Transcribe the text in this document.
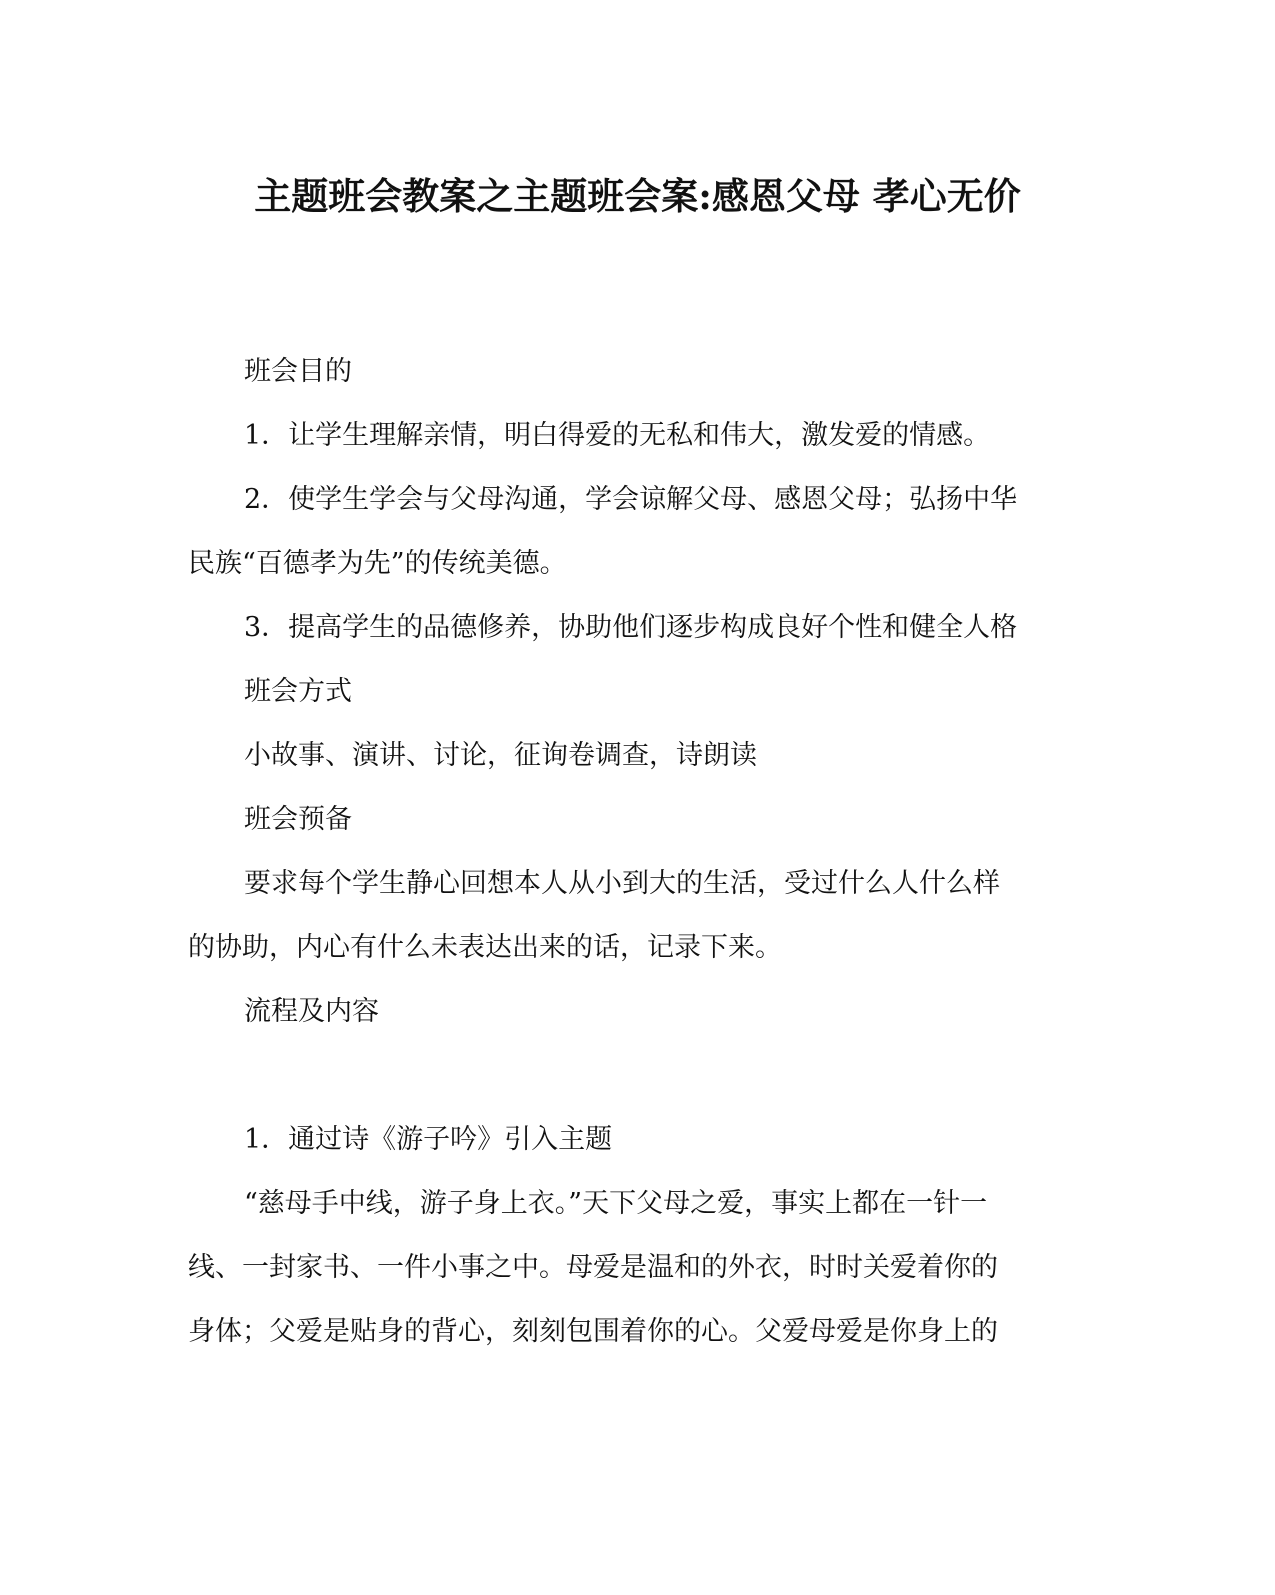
主题班会教案之主题班会案:感恩父母 孝心无价
班会目的
1．让学生理解亲情，明白得爱的无私和伟大，激发爱的情感。
2．使学生学会与父母沟通，学会谅解父母、感恩父母；弘扬中华
民族“百德孝为先”的传统美德。
3．提高学生的品德修养，协助他们逐步构成良好个性和健全人格
班会方式
小故事、演讲、讨论，征询卷调查，诗朗读
班会预备
要求每个学生静心回想本人从小到大的生活，受过什么人什么样
的协助，内心有什么未表达出来的话，记录下来。
流程及内容
1．通过诗《游子吟》引入主题
“慈母手中线，游子身上衣。”天下父母之爱，事实上都在一针一
线、一封家书、一件小事之中。母爱是温和的外衣，时时关爱着你的
身体；父爱是贴身的背心，刻刻包围着你的心。父爱母爱是你身上的
